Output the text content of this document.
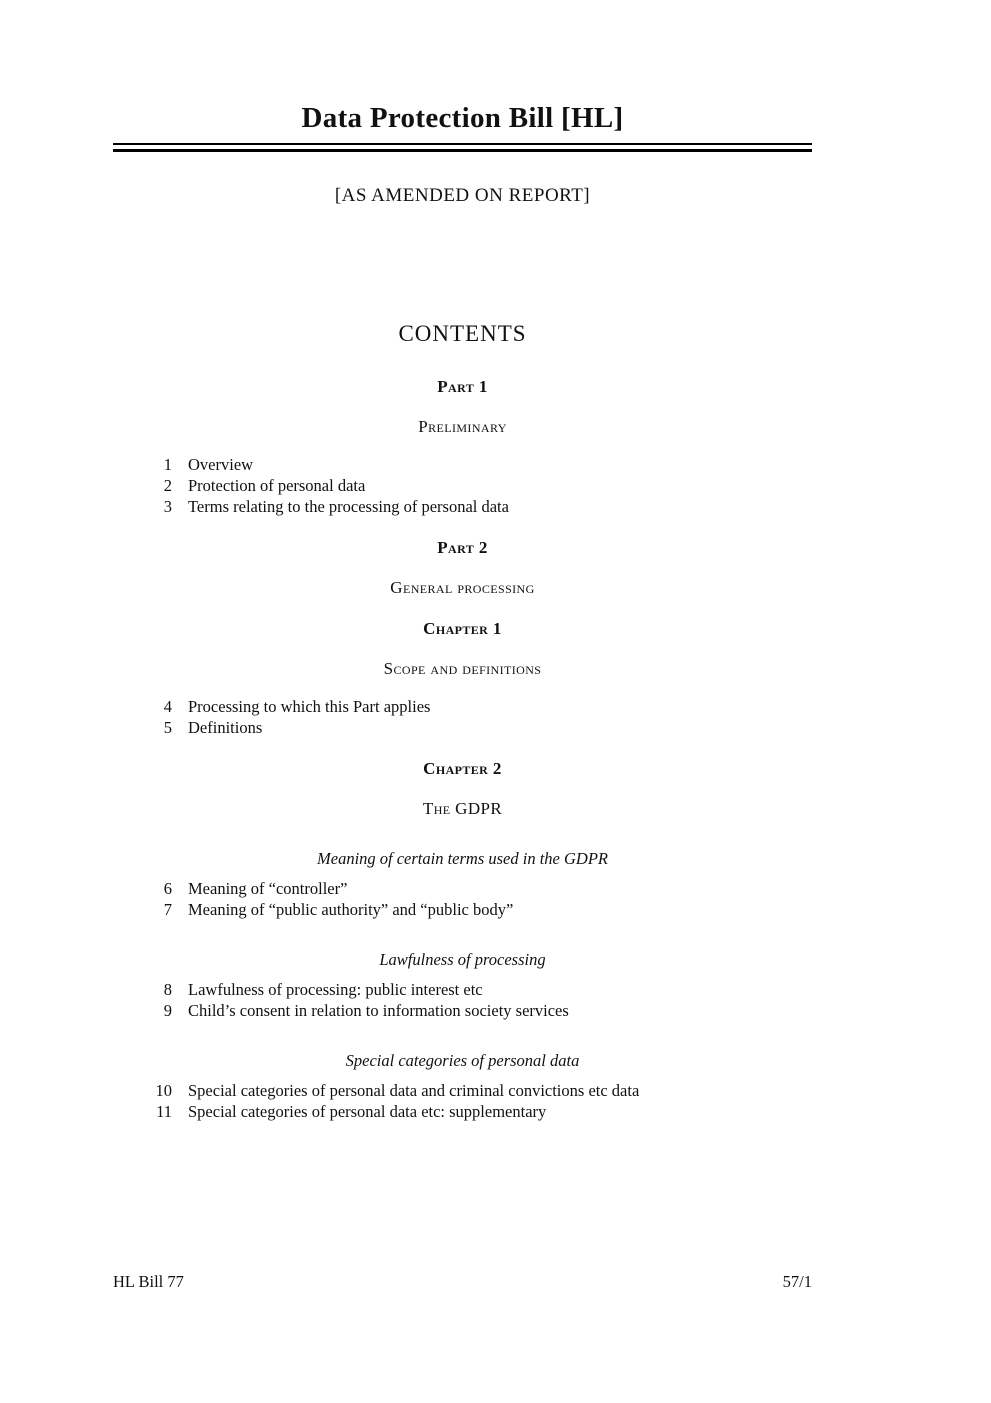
Data Protection Bill [HL]
[AS AMENDED ON REPORT]
CONTENTS
Part 1
Preliminary
1 Overview
2 Protection of personal data
3 Terms relating to the processing of personal data
Part 2
General processing
Chapter 1
Scope and definitions
4 Processing to which this Part applies
5 Definitions
Chapter 2
The GDPR
Meaning of certain terms used in the GDPR
6 Meaning of “controller”
7 Meaning of “public authority” and “public body”
Lawfulness of processing
8 Lawfulness of processing: public interest etc
9 Child’s consent in relation to information society services
Special categories of personal data
10 Special categories of personal data and criminal convictions etc data
11 Special categories of personal data etc: supplementary
HL Bill 77	57/1
